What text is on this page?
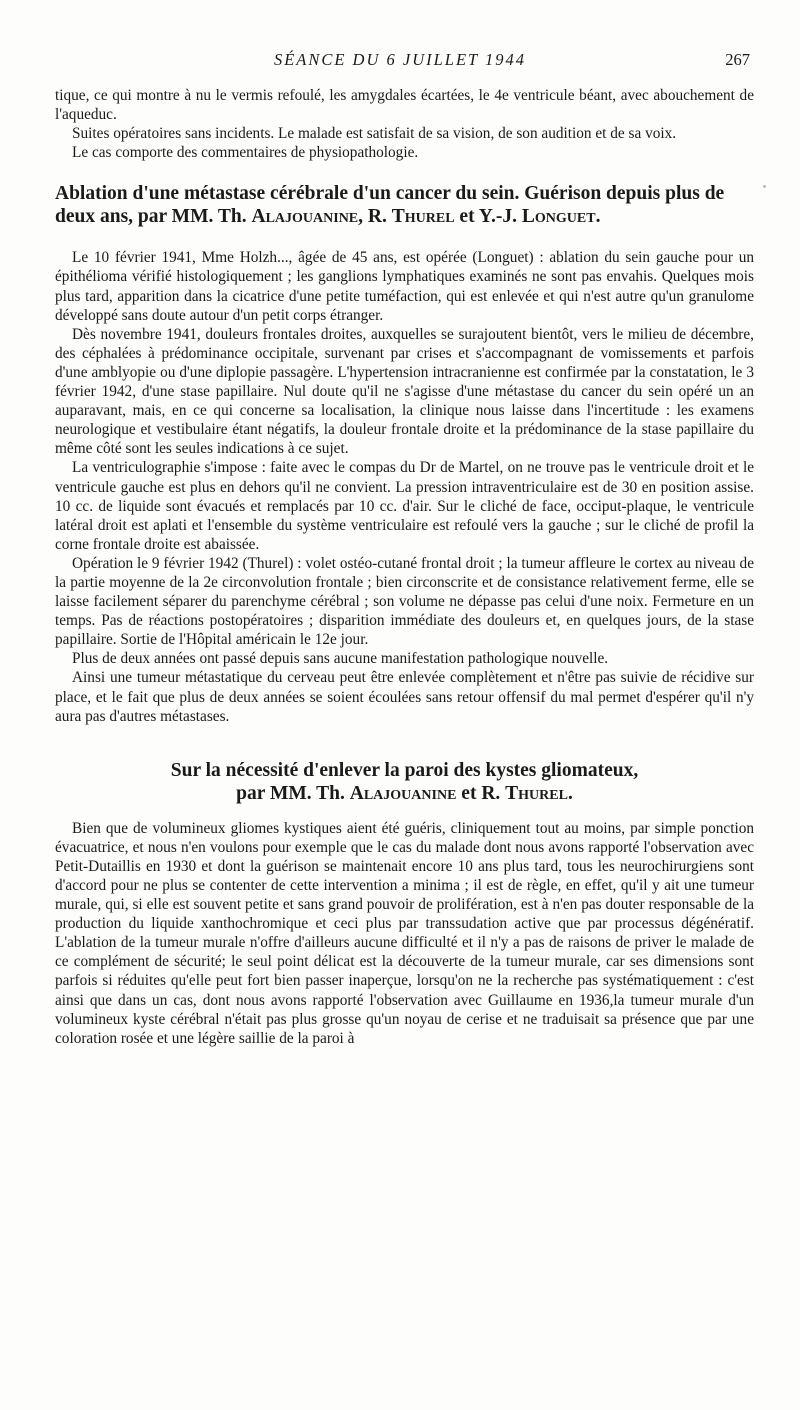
SÉANCE DU 6 JUILLET 1944	267

tique, ce qui montre à nu le vermis refoulé, les amygdales écartées, le 4e ventricule béant, avec abouchement de l'aqueduc.

Suites opératoires sans incidents. Le malade est satisfait de sa vision, de son audition et de sa voix.

Le cas comporte des commentaires de physiopathologie.

Ablation d'une métastase cérébrale d'un cancer du sein. Guérison depuis plus de deux ans, par MM. Th. Alajouanine, R. Thurel et Y.-J. Longuet.

Le 10 février 1941, Mme Holzh..., âgée de 45 ans, est opérée (Longuet) : ablation du sein gauche pour un épithélioma vérifié histologiquement ; les ganglions lymphatiques examinés ne sont pas envahis. Quelques mois plus tard, apparition dans la cicatrice d'une petite tuméfaction, qui est enlevée et qui n'est autre qu'un granulome développé sans doute autour d'un petit corps étranger.

Dès novembre 1941, douleurs frontales droites, auxquelles se surajoutent bientôt, vers le milieu de décembre, des céphalées à prédominance occipitale, survenant par crises et s'accompagnant de vomissements et parfois d'une amblyopie ou d'une diplopie passagère. L'hypertension intracranienne est confirmée par la constatation, le 3 février 1942, d'une stase papillaire. Nul doute qu'il ne s'agisse d'une métastase du cancer du sein opéré un an auparavant, mais, en ce qui concerne sa localisation, la clinique nous laisse dans l'incertitude : les examens neurologique et vestibulaire étant négatifs, la douleur frontale droite et la prédominance de la stase papillaire du même côté sont les seules indications à ce sujet.

La ventriculographie s'impose : faite avec le compas du Dr de Martel, on ne trouve pas le ventricule droit et le ventricule gauche est plus en dehors qu'il ne convient. La pression intraventriculaire est de 30 en position assise. 10 cc. de liquide sont évacués et remplacés par 10 cc. d'air. Sur le cliché de face, occiput-plaque, le ventricule latéral droit est aplati et l'ensemble du système ventriculaire est refoulé vers la gauche ; sur le cliché de profil la corne frontale droite est abaissée.

Opération le 9 février 1942 (Thurel) : volet ostéo-cutané frontal droit ; la tumeur affleure le cortex au niveau de la partie moyenne de la 2e circonvolution frontale ; bien circonscrite et de consistance relativement ferme, elle se laisse facilement séparer du parenchyme cérébral ; son volume ne dépasse pas celui d'une noix. Fermeture en un temps. Pas de réactions postopératoires ; disparition immédiate des douleurs et, en quelques jours, de la stase papillaire. Sortie de l'Hôpital américain le 12e jour.

Plus de deux années ont passé depuis sans aucune manifestation pathologique nouvelle.

Ainsi une tumeur métastatique du cerveau peut être enlevée complètement et n'être pas suivie de récidive sur place, et le fait que plus de deux années se soient écoulées sans retour offensif du mal permet d'espérer qu'il n'y aura pas d'autres métastases.

Sur la nécessité d'enlever la paroi des kystes gliomateux,
par MM. Th. Alajouanine et R. Thurel.

Bien que de volumineux gliomes kystiques aient été guéris, cliniquement tout au moins, par simple ponction évacuatrice, et nous n'en voulons pour exemple que le cas du malade dont nous avons rapporté l'observation avec Petit-Dutaillis en 1930 et dont la guérison se maintenait encore 10 ans plus tard, tous les neurochirurgiens sont d'accord pour ne plus se contenter de cette intervention a minima ; il est de règle, en effet, qu'il y ait une tumeur murale, qui, si elle est souvent petite et sans grand pouvoir de prolifération, est à n'en pas douter responsable de la production du liquide xanthochromique et ceci plus par transsudation active que par processus dégénératif. L'ablation de la tumeur murale n'offre d'ailleurs aucune difficulté et il n'y a pas de raisons de priver le malade de ce complément de sécurité; le seul point délicat est la découverte de la tumeur murale, car ses dimensions sont parfois si réduites qu'elle peut fort bien passer inaperçue, lorsqu'on ne la recherche pas systématiquement : c'est ainsi que dans un cas, dont nous avons rapporté l'observation avec Guillaume en 1936,la tumeur murale d'un volumineux kyste cérébral n'était pas plus grosse qu'un noyau de cerise et ne traduisait sa présence que par une coloration rosée et une légère saillie de la paroi à
